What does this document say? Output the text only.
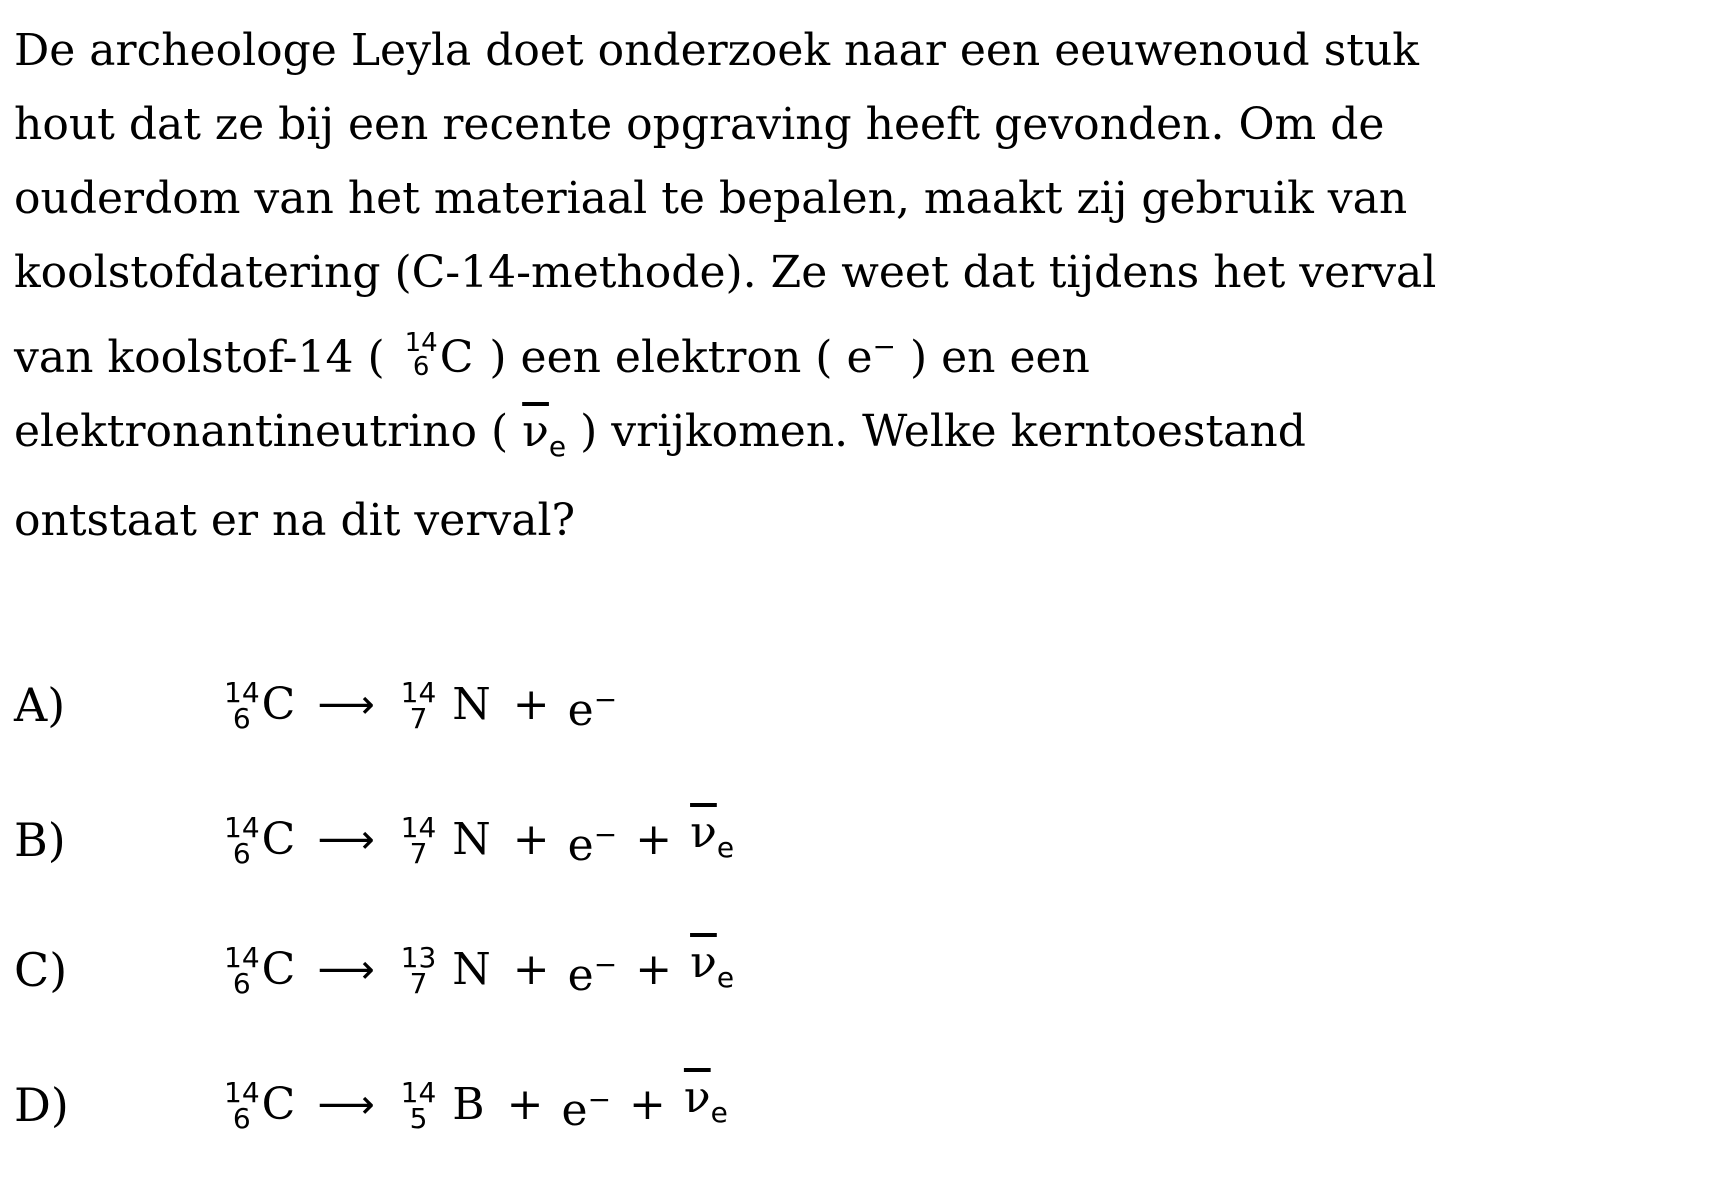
De archeologe Leyla doet onderzoek naar een eeuwenoud stuk
hout dat ze bij een recente opgraving heeft gevonden. Om de
ouderdom van het materiaal te bepalen, maakt zij gebruik van
koolstofdatering (C-14-methode). Ze weet dat tijdens het verval
van koolstof-14 ( 14
6 C ) een elektron ( e− ) en een
elektronantineutrino ( $\overline{\nu}_e$ ) vrijkomen. Welke kerntoestand
ontstaat er na dit verval?
A)	14
6 C ⟶ 14
7 N + e−
B)	14
6 C ⟶ 14
7 $N + e^- + \overline{\nu}_e$
C)	14
6 C ⟶ 13
7 $N + e^- + \overline{\nu}_e$
D)	14
6 C ⟶ 14
5 $B + e^- + \overline{\nu}_e$
